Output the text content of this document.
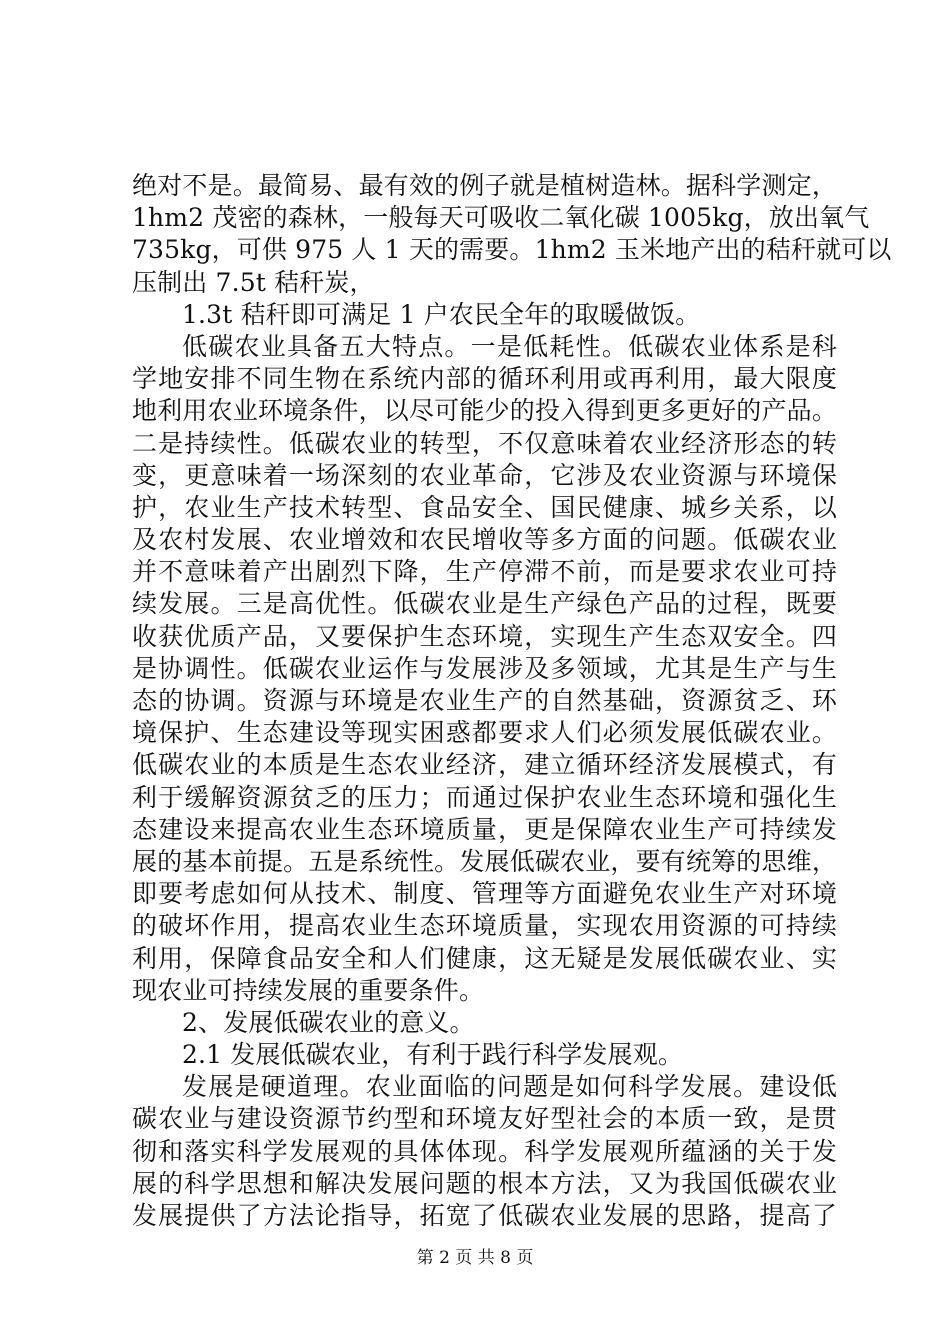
绝对不是。最简易、最有效的例子就是植树造林。据科学测定，
1hm2 茂密的森林，一般每天可吸收二氧化碳 1005kg，放出氧气
735kg，可供 975 人 1 天的需要。1hm2 玉米地产出的秸秆就可以
压制出 7.5t 秸秆炭，
1.3t 秸秆即可满足 1 户农民全年的取暖做饭。
低碳农业具备五大特点。一是低耗性。低碳农业体系是科
学地安排不同生物在系统内部的循环利用或再利用，最大限度
地利用农业环境条件，以尽可能少的投入得到更多更好的产品。
二是持续性。低碳农业的转型，不仅意味着农业经济形态的转
变，更意味着一场深刻的农业革命，它涉及农业资源与环境保
护，农业生产技术转型、食品安全、国民健康、城乡关系，以
及农村发展、农业增效和农民增收等多方面的问题。低碳农业
并不意味着产出剧烈下降，生产停滞不前，而是要求农业可持
续发展。三是高优性。低碳农业是生产绿色产品的过程，既要
收获优质产品，又要保护生态环境，实现生产生态双安全。四
是协调性。低碳农业运作与发展涉及多领域，尤其是生产与生
态的协调。资源与环境是农业生产的自然基础，资源贫乏、环
境保护、生态建设等现实困惑都要求人们必须发展低碳农业。
低碳农业的本质是生态农业经济，建立循环经济发展模式，有
利于缓解资源贫乏的压力；而通过保护农业生态环境和强化生
态建设来提高农业生态环境质量，更是保障农业生产可持续发
展的基本前提。五是系统性。发展低碳农业，要有统筹的思维，
即要考虑如何从技术、制度、管理等方面避免农业生产对环境
的破坏作用，提高农业生态环境质量，实现农用资源的可持续
利用，保障食品安全和人们健康，这无疑是发展低碳农业、实
现农业可持续发展的重要条件。
2、发展低碳农业的意义。
2.1 发展低碳农业，有利于践行科学发展观。
发展是硬道理。农业面临的问题是如何科学发展。建设低
碳农业与建设资源节约型和环境友好型社会的本质一致，是贯
彻和落实科学发展观的具体体现。科学发展观所蕴涵的关于发
展的科学思想和解决发展问题的根本方法，又为我国低碳农业
发展提供了方法论指导，拓宽了低碳农业发展的思路，提高了
第 2 页 共 8 页
